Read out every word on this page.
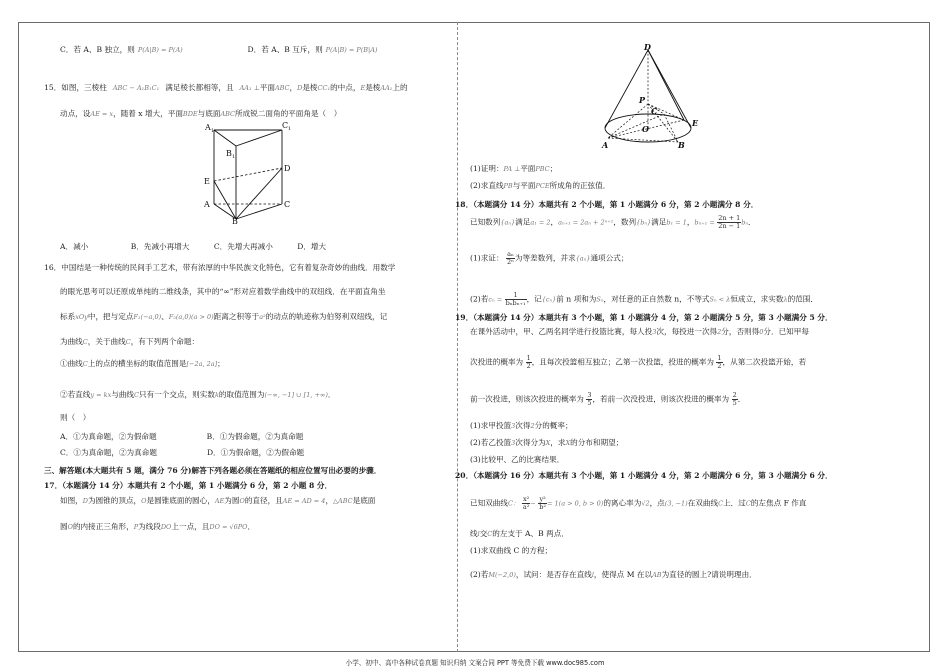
C．若 A、B 独立，则 P(A|B) = P(A)	D．若 A、B 互斥，则 P(A|B) = P(B|A)
15．如图，三棱柱 ABC − A₁B₁C₁ 满足棱长都相等，且 AA₁ ⊥平面ABC，D是棱CC₁的中点，E是棱AA₁上的
动点，设AE = x，随着 x 增大，平面BDE与底面ABC所成锐二面角的平面角是（　）
A 1
C 1
B 1
D
E
A	C
B
A．减小	B．先减小再增大	C．先增大再减小	D．增大
16．中国结是一种传统的民间手工艺术，带有浓厚的中华民族文化特色，它有着复杂奇妙的曲线．用数学
的眼光思考可以还原成单纯的二维线条，其中的“∞”形对应着数学曲线中的双纽线．在平面直角坐
标系xOy中，把与定点F₁(−a,0)、F₂(a,0)(a > 0)距离之积等于a²的动点的轨迹称为伯努利双纽线，记
为曲线C，关于曲线C，有下列两个命题：
①曲线C上的点的横坐标的取值范围是[−2a, 2a]；
②若直线y = kx与曲线C只有一个交点，则实数k的取值范围为(−∞, −1] ∪ [1, +∞)．
则（　）
A．①为真命题，②为假命题	B．①为假命题，②为真命题
C．①为真命题，②为真命题	D．①为假命题，②为假命题
三、解答题(本大题共有 5 题，满分 76 分)解答下列各题必须在答题纸的相应位置写出必要的步骤．
17．（本题满分 14 分）本题共有 2 个小题，第 1 小题满分 6 分，第 2 小题 8 分．
如图，D为圆锥的顶点，O是圆锥底面的圆心，AE为圆O的直径，且AE = AD = 4，△ABC是底面
圆O的内接正三角形，P为线段DO上一点，且DO = √6PO．
D
P
C
O
E
A	B
(1)证明：PA ⊥平面PBC；
(2)求直线PB与平面PCE所成角的正弦值．
18．（本题满分 14 分）本题共有 2 个小题，第 1 小题满分 6 分，第 2 小题满分 8 分．
已知数列{aₙ}满足a₁ = 2，aₙ₊₁ = 2aₙ + 2ⁿ⁺¹，数列{bₙ}满足b₁ = 1，$b_{n+1} = \frac{2n + 1}{2n - 1}$ bₙ．
(1)求证： $\frac{\text{aₙ}}{\text{2ⁿ}}$ 为等差数列，并求{aₙ}通项公式；
(2)若$c_n = \frac{1}{\text{bₙbₙ₊₁}}$ ，记{cₙ}前 n 项和为Sₙ，对任意的正自然数 n，不等式Sₙ < λ恒成立，求实数λ的范围．
19．（本题满分 14 分）本题共有 3 个小题，第 1 小题满分 4 分，第 2 小题满分 5 分，第 3 小题满分 5 分．
在课外活动中，甲、乙两名同学进行投篮比赛，每人投3次，每投进一次得2分，否则得0分．已知甲每
次投进的概率为 $\frac{1}{2}$ ，且每次投篮相互独立；乙第一次投篮，投进的概率为 $\frac{1}{2}$ ，从第二次投篮开始，若
前一次投进，则该次投进的概率为 $\frac{3}{5}$ ，若前一次没投进，则该次投进的概率为 $\frac{2}{5}$ ．
(1)求甲投篮3次得2分的概率；
(2)若乙投篮3次得分为X，求X的分布和期望；
(3)比较甲、乙的比赛结果．
20．（本题满分 16 分）本题共有 3 个小题，第 1 小题满分 4 分，第 2 小题满分 6 分，第 3 小题满分 6 分．
已知双曲线C： $\frac{\text{x²}}{\text{a²}} - \frac{\text{y²}}{\text{b²}} = 1(a > 0$, b > 0)的离心率为√2，点(3, −1)在双曲线C上．过C的左焦点 F 作直
线l交C的左支于 A、B 两点．
(1)求双曲线 C 的方程；
(2)若M(−2,0)，试问：是否存在直线l，使得点 M 在以AB为直径的圆上?请说明理由．
小学、初中、高中各种试卷真题 知识归纳 文案合同 PPT 等免费下载 www.doc985.com
